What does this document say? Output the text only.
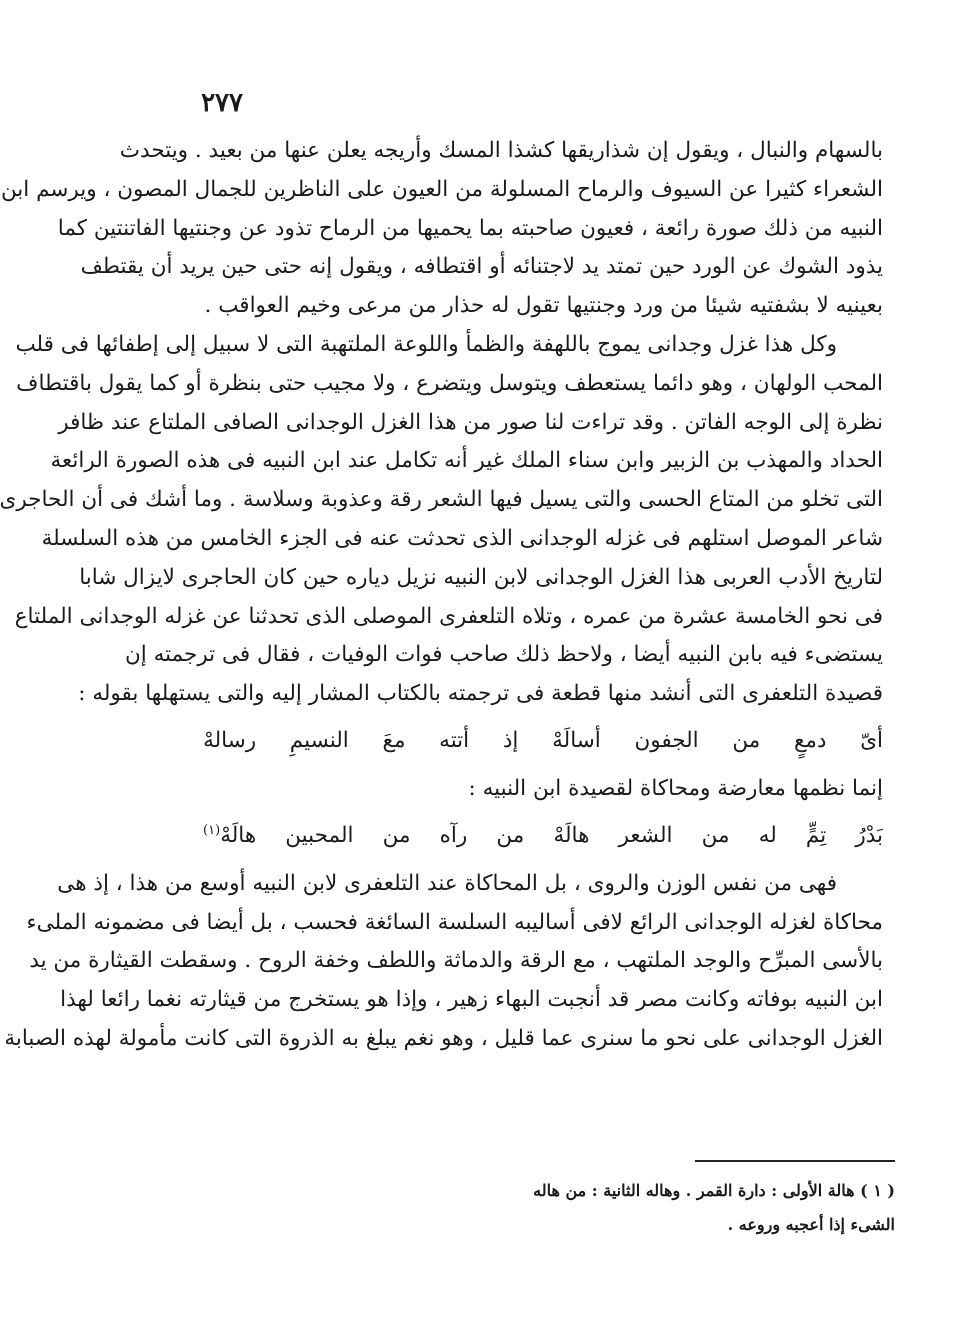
٢٧٧

بالسهام والنبال ، ويقول إن شذاريقها كشذا المسك وأريجه يعلن عنها من بعيد . ويتحدث
الشعراء كثيرا عن السيوف والرماح المسلولة من العيون على الناظرين للجمال المصون ، ويرسم ابن
النبيه من ذلك صورة رائعة ، فعيون صاحبته بما يحميها من الرماح تذود عن وجنتيها الفاتنتين كما
يذود الشوك عن الورد حين تمتد يد لاجتنائه أو اقتطافه ، ويقول إنه حتى حين يريد أن يقتطف
بعينيه لا بشفتيه شيئا من ورد وجنتيها تقول له حذار من مرعى وخيم العواقب .

وكل هذا غزل وجدانى يموج باللهفة والظمأ واللوعة الملتهبة التى لا سبيل إلى إطفائها فى قلب
المحب الولهان ، وهو دائما يستعطف ويتوسل ويتضرع ، ولا مجيب حتى بنظرة أو كما يقول باقتطاف
نظرة إلى الوجه الفاتن . وقد تراءت لنا صور من هذا الغزل الوجدانى الصافى الملتاع عند ظافر
الحداد والمهذب بن الزبير وابن سناء الملك غير أنه تكامل عند ابن النبيه فى هذه الصورة الرائعة
التى تخلو من المتاع الحسى والتى يسيل فيها الشعر رقة وعذوبة وسلاسة . وما أشك فى أن الحاجرى
شاعر الموصل استلهم فى غزله الوجدانى الذى تحدثت عنه فى الجزء الخامس من هذه السلسلة
لتاريخ الأدب العربى هذا الغزل الوجدانى لابن النبيه نزيل دياره حين كان الحاجرى لايزال شابا
فى نحو الخامسة عشرة من عمره ، وتلاه التلعفرى الموصلى الذى تحدثنا عن غزله الوجدانى الملتاع
يستضىء فيه بابن النبيه أيضا ، ولاحظ ذلك صاحب فوات الوفيات ، فقال فى ترجمته إن
قصيدة التلعفرى التى أنشد منها قطعة فى ترجمته بالكتاب المشار إليه والتى يستهلها بقوله :

أىّ
دمعٍ
من
الجفون
أسالَهْ
إذ
أتته
معَ
النسيمِ
رسالهْ

إنما نظمها معارضة ومحاكاة لقصيدة ابن النبيه :

بَدْرُ
تِمٍّ
له
من
الشعر
هالَهْ
من
رآه
من
المحبين
هالَهْ$^{(١)}$

فهى من نفس الوزن والروى ، بل المحاكاة عند التلعفرى لابن النبيه أوسع من هذا ، إذ هى
محاكاة لغزله الوجدانى الرائع لافى أساليبه السلسة السائغة فحسب ، بل أيضا فى مضمونه الملىء
بالأسى المبرِّح والوجد الملتهب ، مع الرقة والدماثة واللطف وخفة الروح . وسقطت القيثارة من يد
ابن النبيه بوفاته وكانت مصر قد أنجبت البهاء زهير ، وإذا هو يستخرج من قيثارته نغما رائعا لهذا
الغزل الوجدانى على نحو ما سنرى عما قليل ، وهو نغم يبلغ به الذروة التى كانت مأمولة لهذه الصبابة

( ١ ) هالة الأولى : دارة القمر . وهاله الثانية : من هاله
الشىء إذا أعجبه وروعه .
